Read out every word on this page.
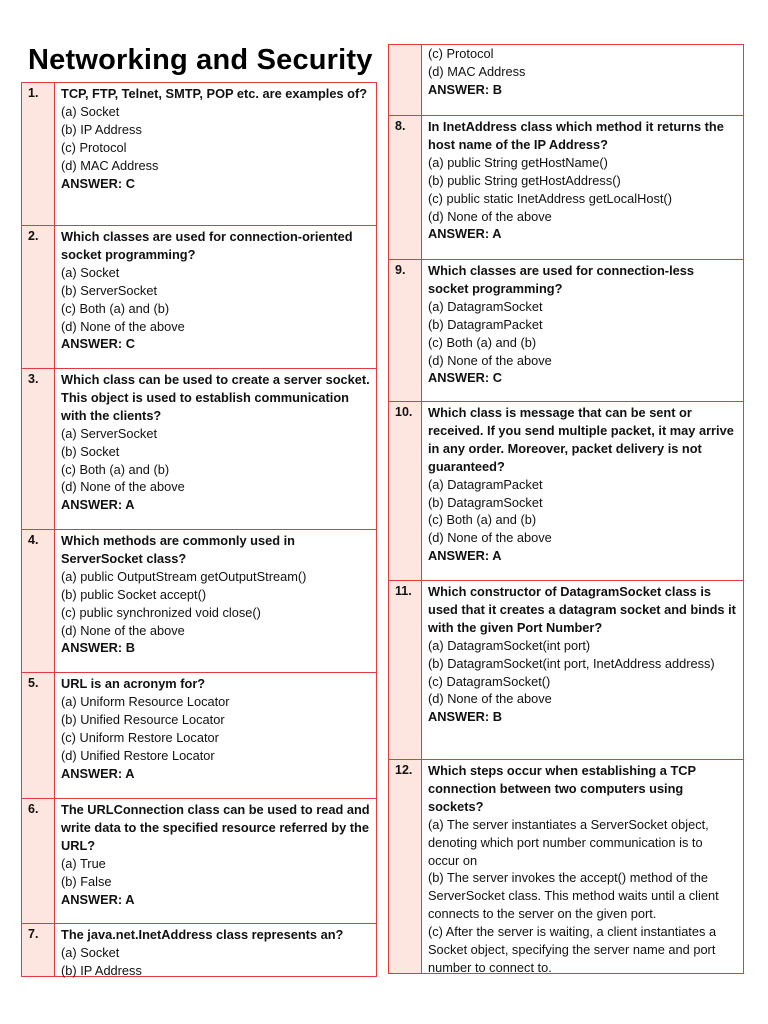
Networking and Security
1.	TCP, FTP, Telnet, SMTP, POP etc. are examples of?
(a) Socket
(b) IP Address
(c) Protocol
(d) MAC Address
ANSWER: C
2.	Which classes are used for connection-oriented socket programming?
(a) Socket
(b) ServerSocket
(c) Both (a) and (b)
(d) None of the above
ANSWER: C
3.	Which class can be used to create a server socket. This object is used to establish communication with the clients?
(a) ServerSocket
(b) Socket
(c) Both (a) and (b)
(d) None of the above
ANSWER: A
4.	Which methods are commonly used in ServerSocket class?
(a) public OutputStream getOutputStream()
(b) public Socket accept()
(c) public synchronized void close()
(d) None of the above
ANSWER: B
5.	URL is an acronym for?
(a) Uniform Resource Locator
(b) Unified Resource Locator
(c) Uniform Restore Locator
(d) Unified Restore Locator
ANSWER: A
6.	The URLConnection class can be used to read and write data to the specified resource referred by the URL?
(a) True
(b) False
ANSWER: A
7.	The java.net.InetAddress class represents an?
(a) Socket
(b) IP Address
(c) Protocol
(d) MAC Address
ANSWER: B
8.	In InetAddress class which method it returns the host name of the IP Address?
(a) public String getHostName()
(b) public String getHostAddress()
(c) public static InetAddress getLocalHost()
(d) None of the above
ANSWER: A
9.	Which classes are used for connection-less socket programming?
(a) DatagramSocket
(b) DatagramPacket
(c) Both (a) and (b)
(d) None of the above
ANSWER: C
10.	Which class is message that can be sent or received. If you send multiple packet, it may arrive in any order. Moreover, packet delivery is not guaranteed?
(a) DatagramPacket
(b) DatagramSocket
(c) Both (a) and (b)
(d) None of the above
ANSWER: A
11.	Which constructor of DatagramSocket class is used that it creates a datagram socket and binds it with the given Port Number?
(a) DatagramSocket(int port)
(b) DatagramSocket(int port, InetAddress address)
(c) DatagramSocket()
(d) None of the above
ANSWER: B
12.	Which steps occur when establishing a TCP connection between two computers using sockets?
(a) The server instantiates a ServerSocket object, denoting which port number communication is to occur on
(b) The server invokes the accept() method of the ServerSocket class. This method waits until a client connects to the server on the given port.
(c) After the server is waiting, a client instantiates a Socket object, specifying the server name and port number to connect to.
